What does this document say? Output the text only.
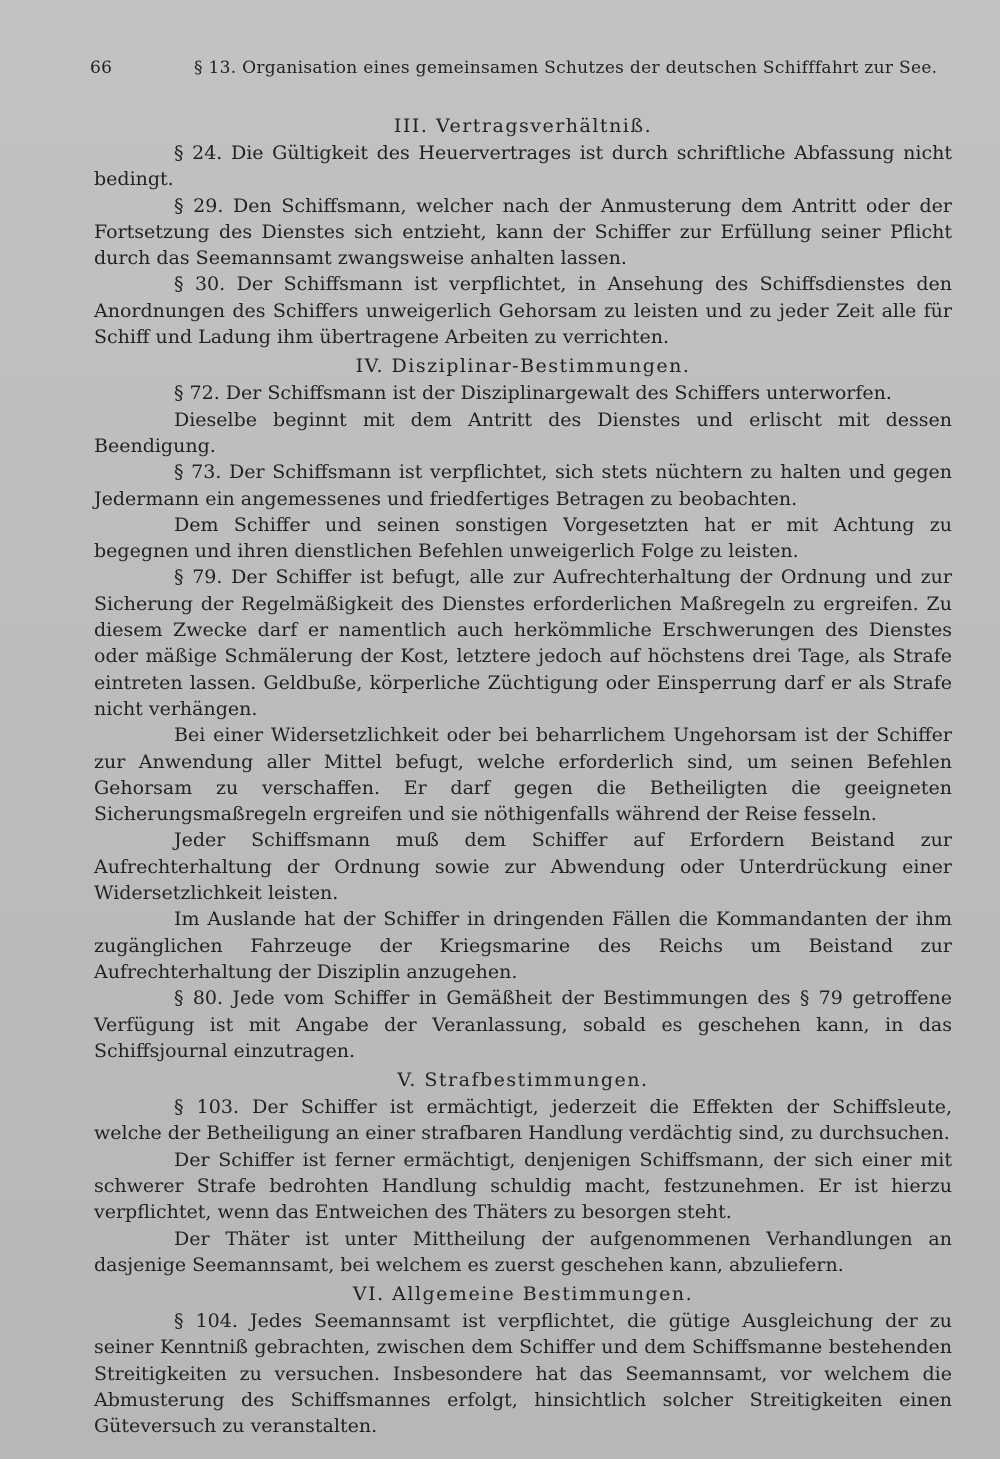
66	§ 13. Organisation eines gemeinsamen Schutzes der deutschen Schifffahrt zur See.

III. Vertragsverhältniß.

§ 24. Die Gültigkeit des Heuervertrages ist durch schriftliche Abfassung nicht bedingt.

§ 29. Den Schiffsmann, welcher nach der Anmusterung dem Antritt oder der Fortsetzung des Dienstes sich entzieht, kann der Schiffer zur Erfüllung seiner Pflicht durch das Seemannsamt zwangsweise anhalten lassen.

§ 30. Der Schiffsmann ist verpflichtet, in Ansehung des Schiffsdienstes den Anordnungen des Schiffers unweigerlich Gehorsam zu leisten und zu jeder Zeit alle für Schiff und Ladung ihm übertragene Arbeiten zu verrichten.

IV. Disziplinar-Bestimmungen.

§ 72. Der Schiffsmann ist der Disziplinargewalt des Schiffers unterworfen.

Dieselbe beginnt mit dem Antritt des Dienstes und erlischt mit dessen Beendigung.

§ 73. Der Schiffsmann ist verpflichtet, sich stets nüchtern zu halten und gegen Jedermann ein angemessenes und friedfertiges Betragen zu beobachten.

Dem Schiffer und seinen sonstigen Vorgesetzten hat er mit Achtung zu begegnen und ihren dienstlichen Befehlen unweigerlich Folge zu leisten.

§ 79. Der Schiffer ist befugt, alle zur Aufrechterhaltung der Ordnung und zur Sicherung der Regelmäßigkeit des Dienstes erforderlichen Maßregeln zu ergreifen. Zu diesem Zwecke darf er namentlich auch herkömmliche Erschwerungen des Dienstes oder mäßige Schmälerung der Kost, letztere jedoch auf höchstens drei Tage, als Strafe eintreten lassen. Geldbuße, körperliche Züchtigung oder Einsperrung darf er als Strafe nicht verhängen.

Bei einer Widersetzlichkeit oder bei beharrlichem Ungehorsam ist der Schiffer zur Anwendung aller Mittel befugt, welche erforderlich sind, um seinen Befehlen Gehorsam zu verschaffen. Er darf gegen die Betheiligten die geeigneten Sicherungsmaßregeln ergreifen und sie nöthigenfalls während der Reise fesseln.

Jeder Schiffsmann muß dem Schiffer auf Erfordern Beistand zur Aufrechterhaltung der Ordnung sowie zur Abwendung oder Unterdrückung einer Widersetzlichkeit leisten.

Im Auslande hat der Schiffer in dringenden Fällen die Kommandanten der ihm zugänglichen Fahrzeuge der Kriegsmarine des Reichs um Beistand zur Aufrechterhaltung der Disziplin anzugehen.

§ 80. Jede vom Schiffer in Gemäßheit der Bestimmungen des § 79 getroffene Verfügung ist mit Angabe der Veranlassung, sobald es geschehen kann, in das Schiffsjournal einzutragen.

V. Strafbestimmungen.

§ 103. Der Schiffer ist ermächtigt, jederzeit die Effekten der Schiffsleute, welche der Betheiligung an einer strafbaren Handlung verdächtig sind, zu durchsuchen.

Der Schiffer ist ferner ermächtigt, denjenigen Schiffsmann, der sich einer mit schwerer Strafe bedrohten Handlung schuldig macht, festzunehmen. Er ist hierzu verpflichtet, wenn das Entweichen des Thäters zu besorgen steht.

Der Thäter ist unter Mittheilung der aufgenommenen Verhandlungen an dasjenige Seemannsamt, bei welchem es zuerst geschehen kann, abzuliefern.

VI. Allgemeine Bestimmungen.

§ 104. Jedes Seemannsamt ist verpflichtet, die gütige Ausgleichung der zu seiner Kenntniß gebrachten, zwischen dem Schiffer und dem Schiffsmanne bestehenden Streitigkeiten zu versuchen. Insbesondere hat das Seemannsamt, vor welchem die Abmusterung des Schiffsmannes erfolgt, hinsichtlich solcher Streitigkeiten einen Güteversuch zu veranstalten.
